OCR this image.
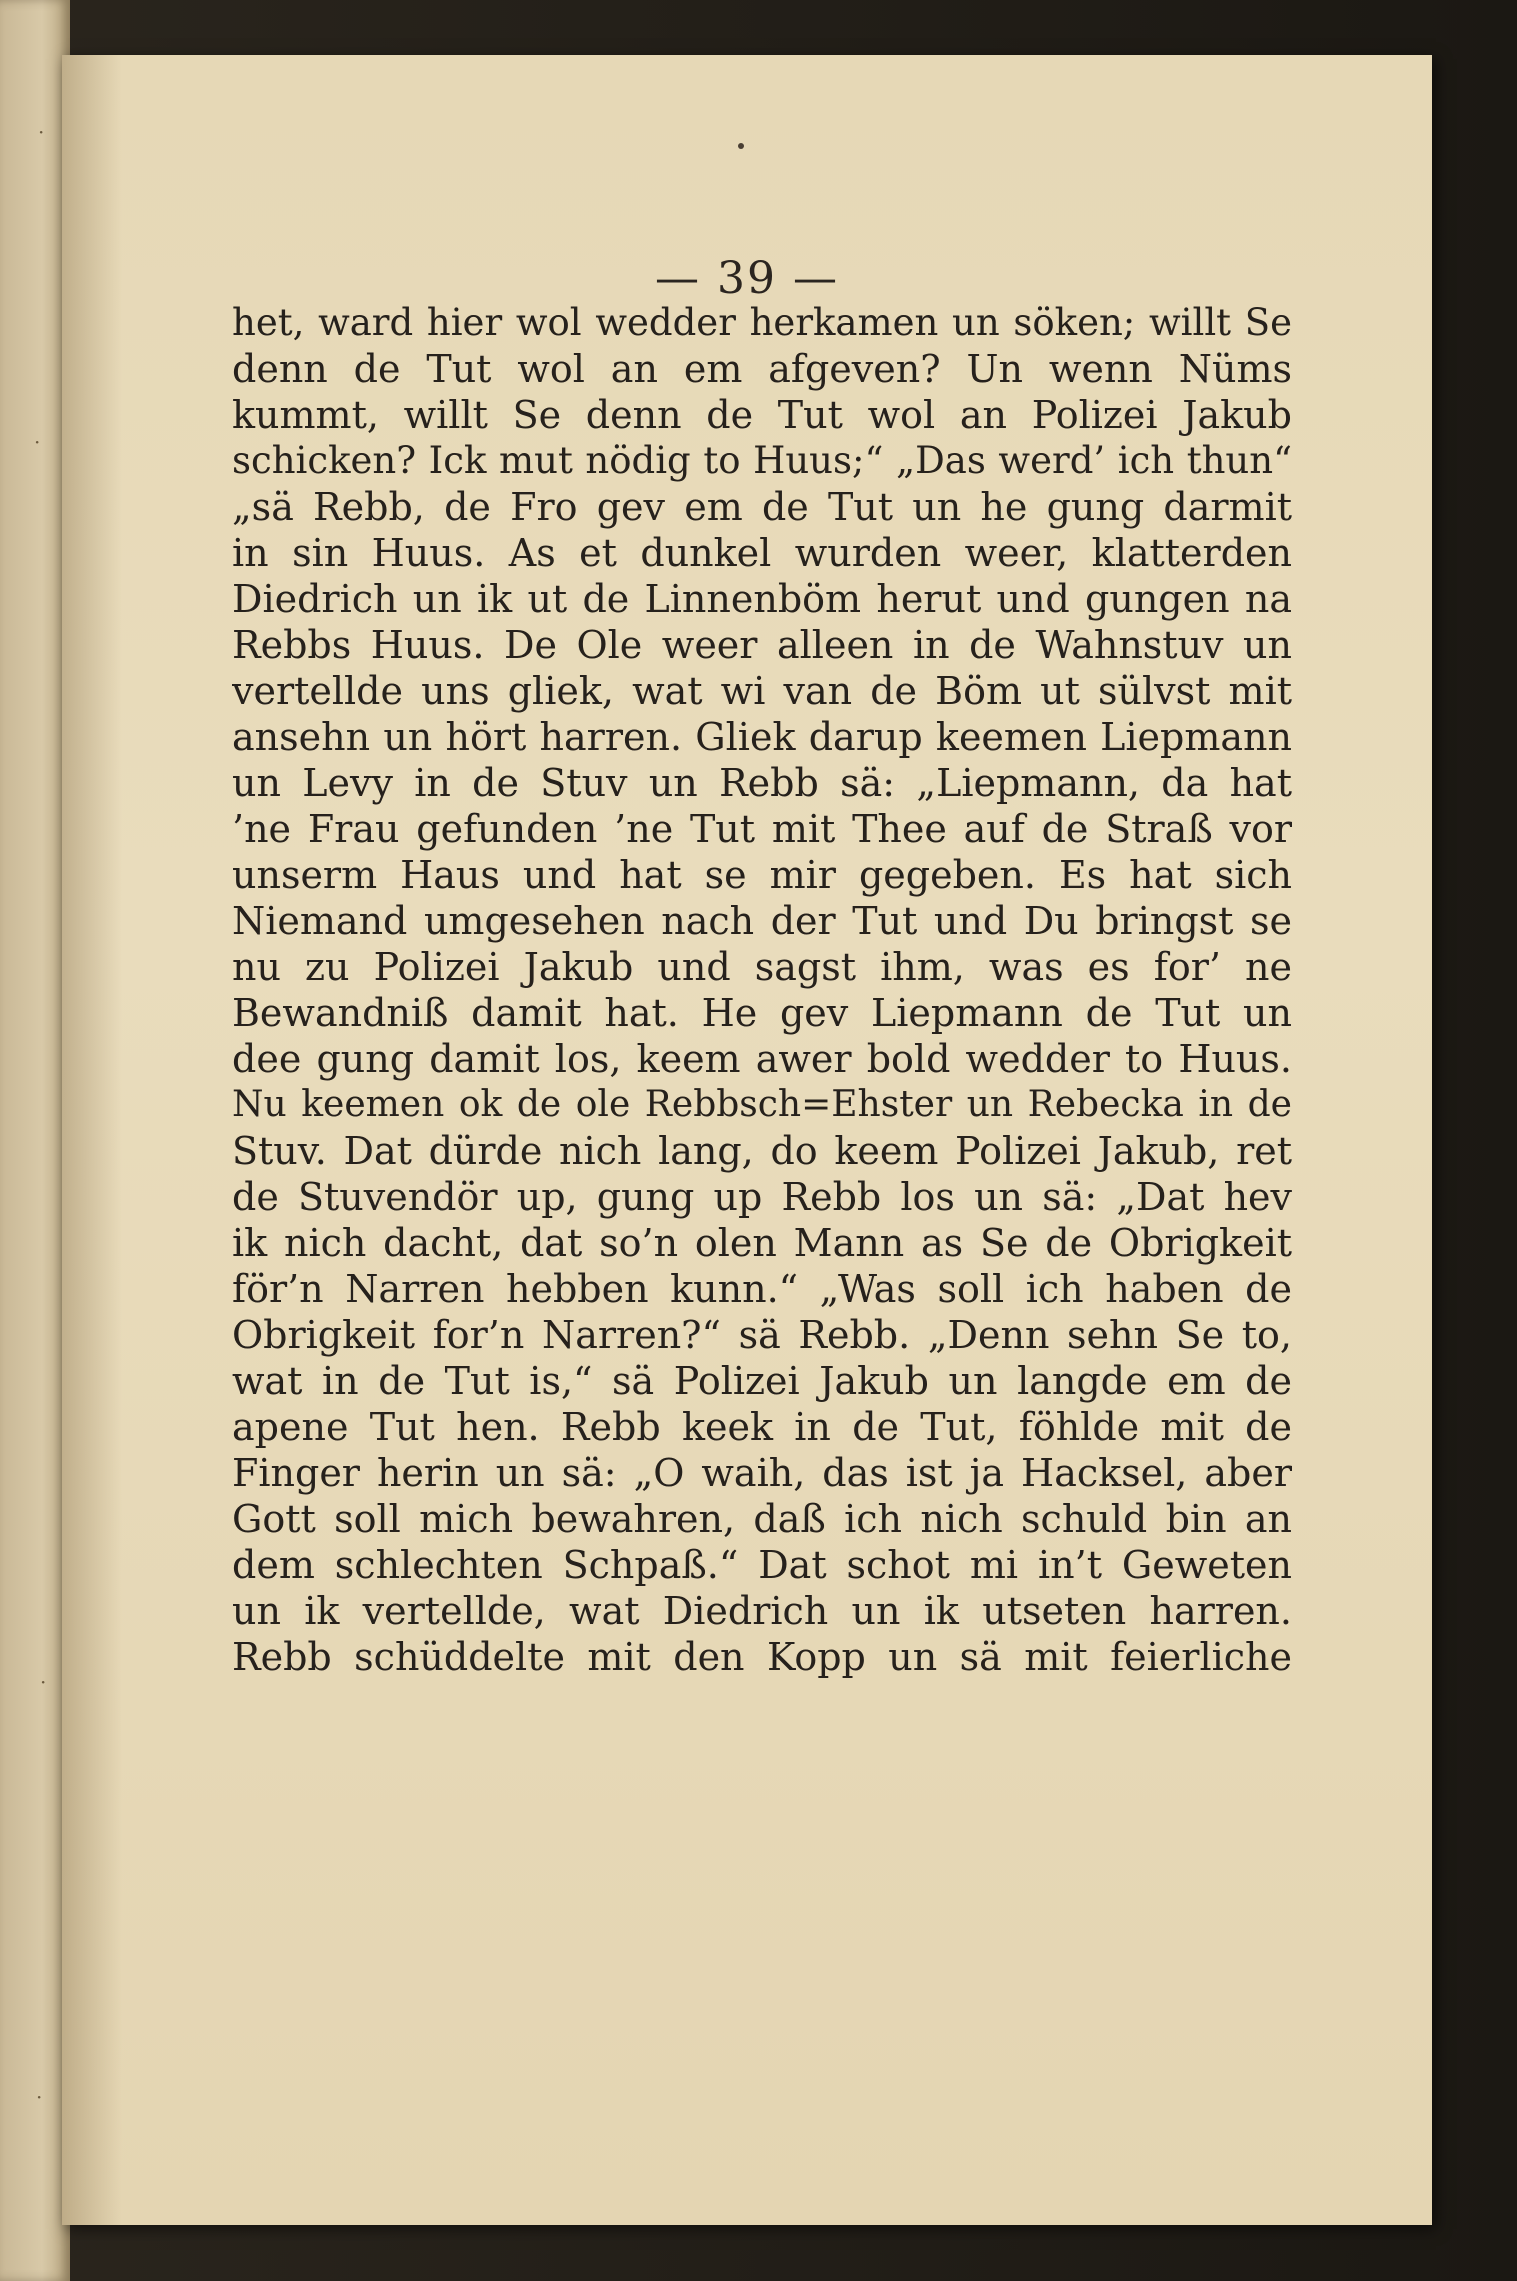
·
·
·
·
— 39 —
het, ward hier wol wedder herkamen un söken; willt Se
denn de Tut wol an em afgeven? Un wenn Nüms
kummt, willt Se denn de Tut wol an Polizei Jakub
schicken? Ick mut nödig to Huus;“ „Das werd’ ich thun“
„sä Rebb, de Fro gev em de Tut un he gung darmit
in sin Huus. As et dunkel wurden weer, klatterden
Diedrich un ik ut de Linnenböm herut und gungen na
Rebbs Huus. De Ole weer alleen in de Wahnstuv un
vertellde uns gliek, wat wi van de Böm ut sülvst mit
ansehn un hört harren. Gliek darup keemen Liepmann
un Levy in de Stuv un Rebb sä: „Liepmann, da hat
’ne Frau gefunden ’ne Tut mit Thee auf de Straß vor
unserm Haus und hat se mir gegeben. Es hat sich
Niemand umgesehen nach der Tut und Du bringst se
nu zu Polizei Jakub und sagst ihm, was es for’ ne
Bewandniß damit hat. He gev Liepmann de Tut un
dee gung damit los, keem awer bold wedder to Huus.
Nu keemen ok de ole Rebbsch=Ehster un Rebecka in de
Stuv. Dat dürde nich lang, do keem Polizei Jakub, ret
de Stuvendör up, gung up Rebb los un sä: „Dat hev
ik nich dacht, dat so’n olen Mann as Se de Obrigkeit
för’n Narren hebben kunn.“ „Was soll ich haben de
Obrigkeit for’n Narren?“ sä Rebb. „Denn sehn Se to,
wat in de Tut is,“ sä Polizei Jakub un langde em de
apene Tut hen. Rebb keek in de Tut, föhlde mit de
Finger herin un sä: „O waih, das ist ja Hacksel, aber
Gott soll mich bewahren, daß ich nich schuld bin an
dem schlechten Schpaß.“ Dat schot mi in’t Geweten
un ik vertellde, wat Diedrich un ik utseten harren.
Rebb schüddelte mit den Kopp un sä mit feierliche
